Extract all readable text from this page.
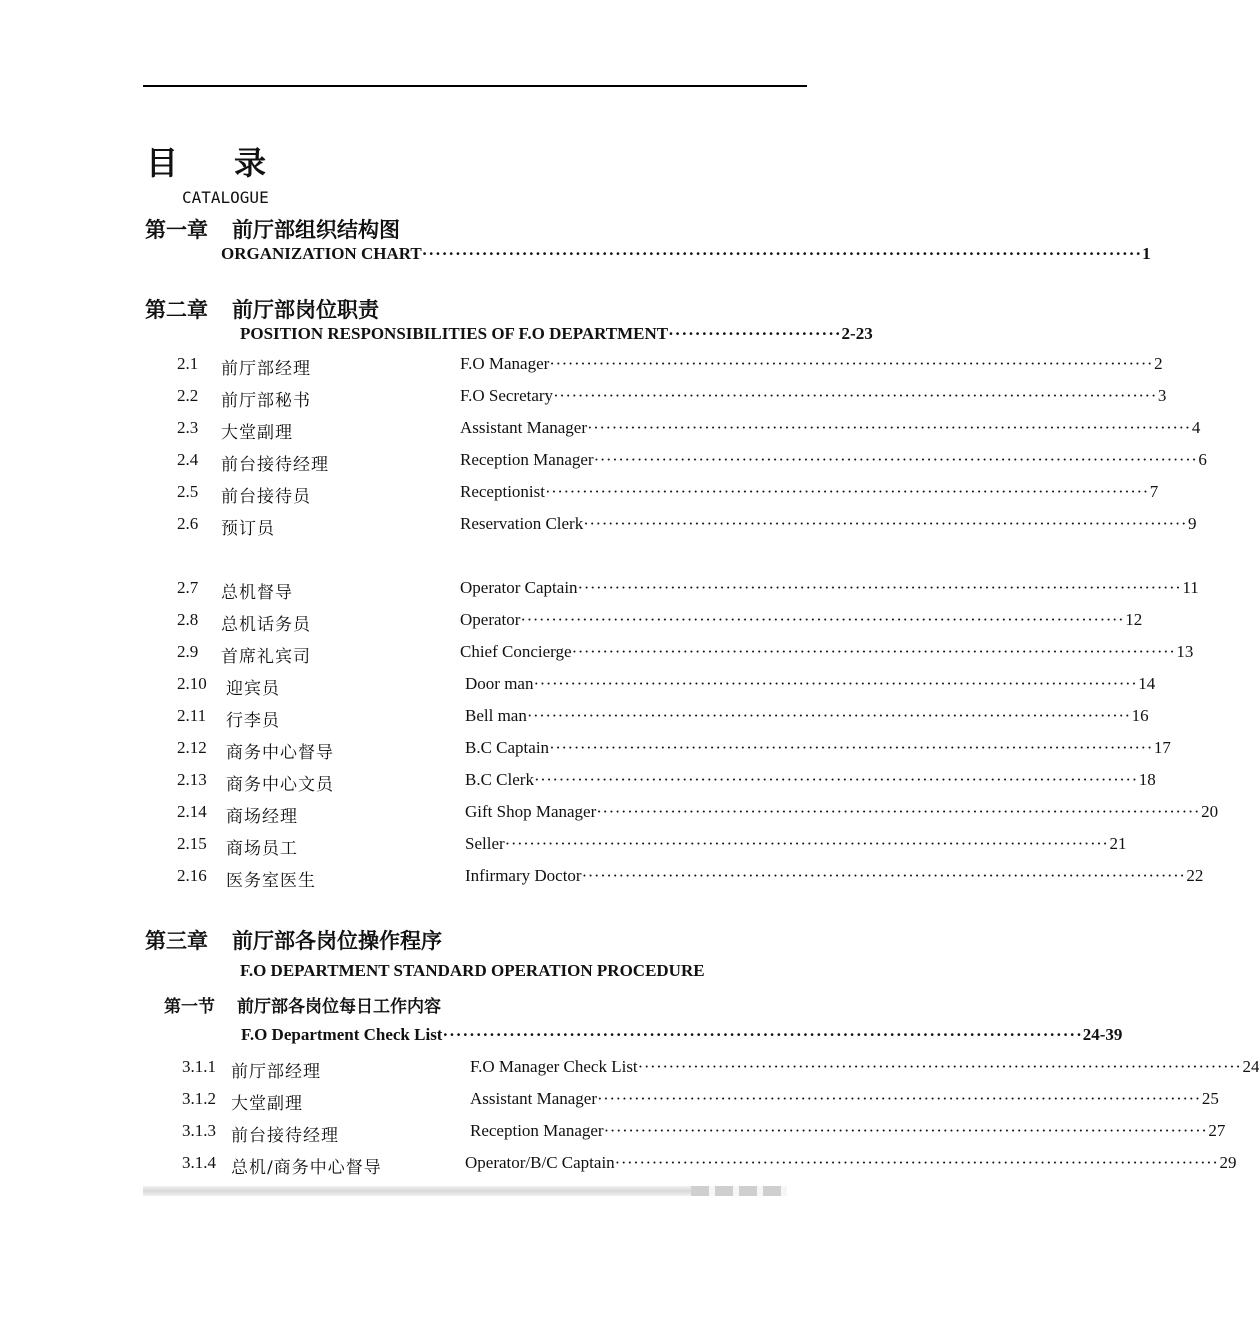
目 录
CATALOGUE
第一章 前厅部组织结构图
ORGANIZATION CHART ············································································································ 1
第二章 前厅部岗位职责
POSITION RESPONSIBILITIES OF F.O DEPARTMENT ·························· 2-23
2.1 前厅部经理	F.O Manager ·································································································· 2
2.2 前厅部秘书	F.O Secretary ·································································································· 3
2.3 大堂副理	Assistant Manager ·································································································· 4
2.4 前台接待经理	Reception Manager ·································································································· 6
2.5 前台接待员	Receptionist ·································································································· 7
2.6 预订员	Reservation Clerk ·································································································· 9
2.7 总机督导	Operator Captain ·································································································· 11
2.8 总机话务员	Operator ·································································································· 12
2.9 首席礼宾司	Chief Concierge ·································································································· 13
2.10 迎宾员	Door man ·································································································· 14
2.11 行李员	Bell man ·································································································· 16
2.12 商务中心督导	B.C Captain ·································································································· 17
2.13 商务中心文员	B.C Clerk ·································································································· 18
2.14 商场经理	Gift Shop Manager ·································································································· 20
2.15 商场员工	Seller ·································································································· 21
2.16 医务室医生	Infirmary Doctor ·································································································· 22
第三章 前厅部各岗位操作程序
F.O DEPARTMENT STANDARD OPERATION PROCEDURE
第一节 前厅部各岗位每日工作内容
F.O Department Check List ································································································ 24-39
3.1.1 前厅部经理	F.O Manager Check List ·································································································· 24
3.1.2 大堂副理	Assistant Manager ·································································································· 25
3.1.3 前台接待经理	Reception Manager ·································································································· 27
3.1.4 总机/商务中心督导	Operator/B/C Captain ·································································································· 29
